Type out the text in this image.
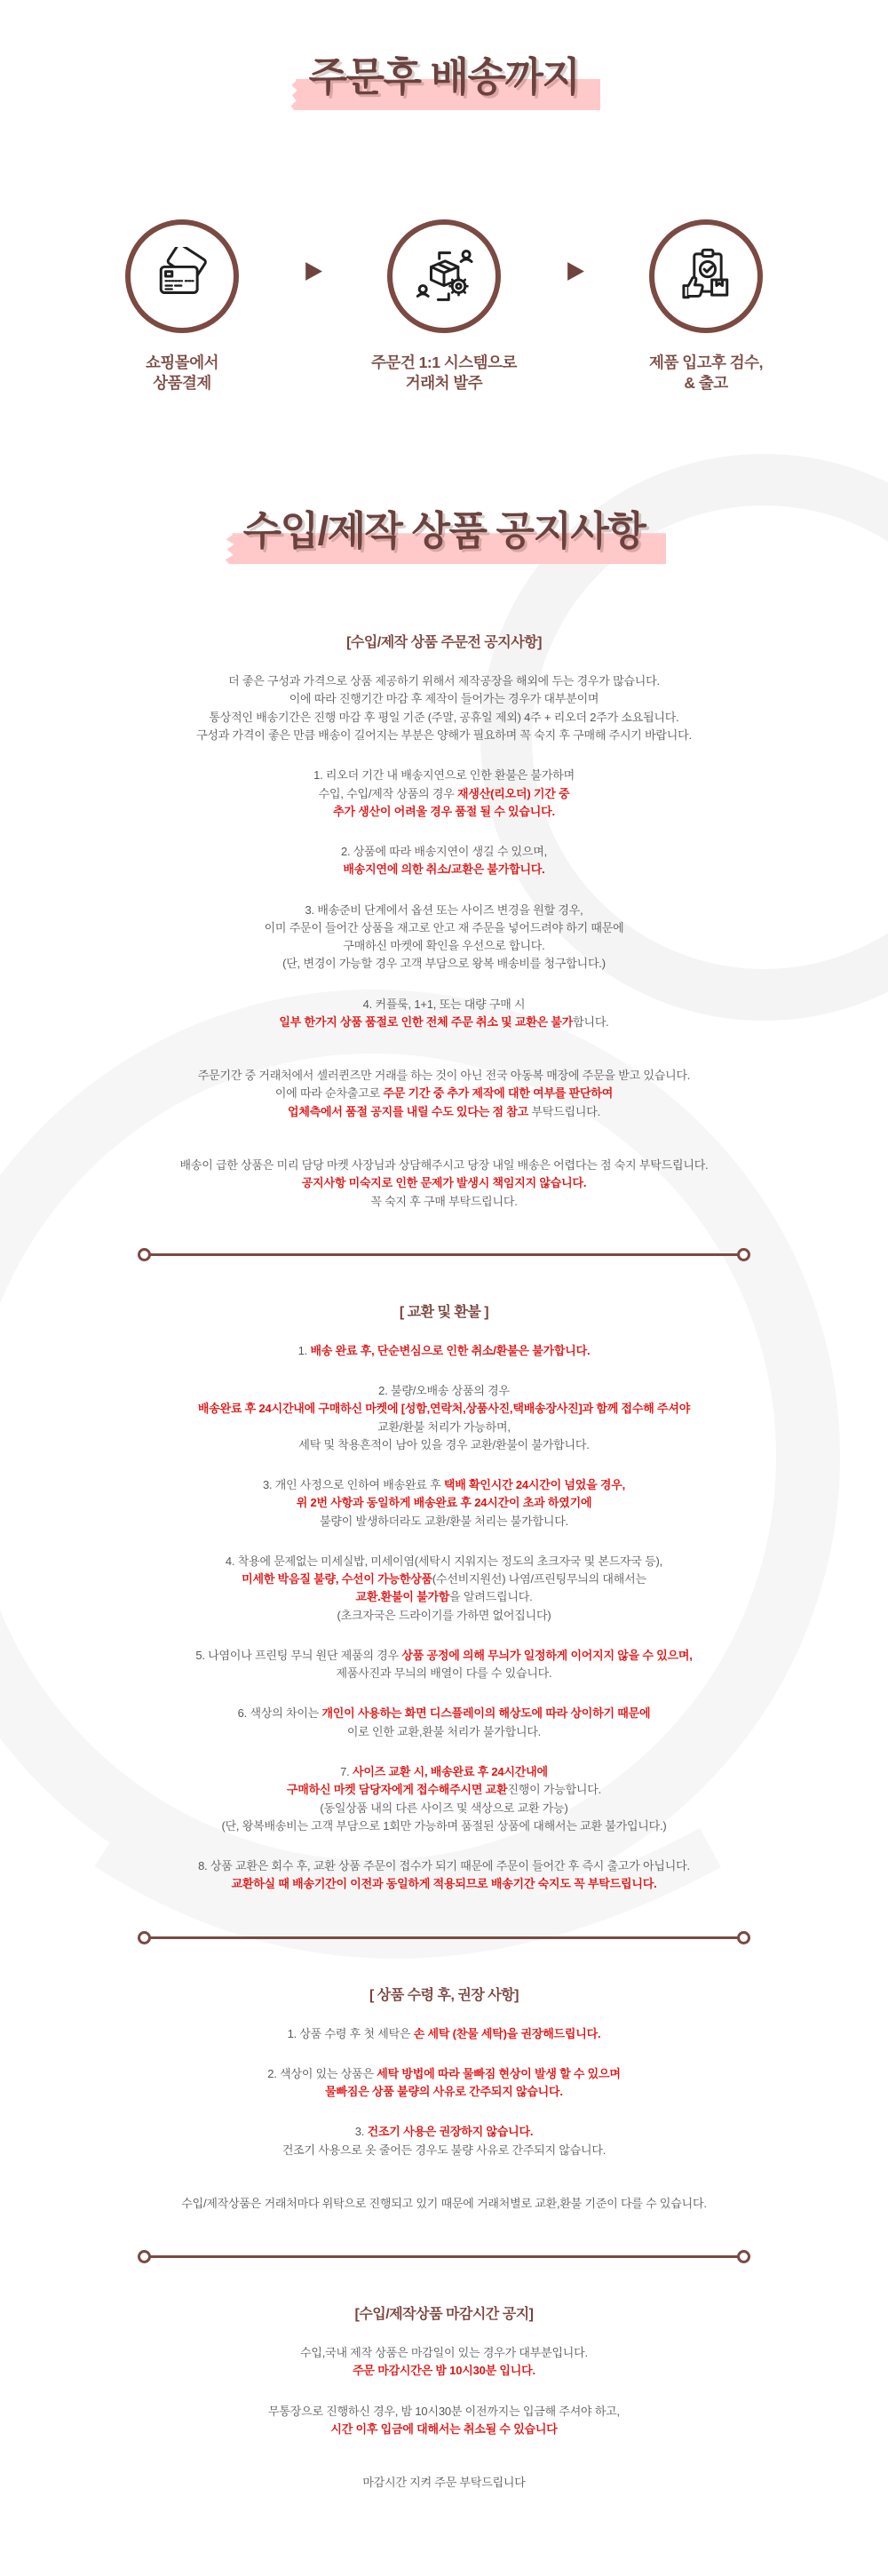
주문후 배송까지
쇼핑몰에서
상품결제
주문건 1:1 시스템으로
거래처 발주
제품 입고후 검수,
& 출고
수입/제작 상품 공지사항
[수입/제작 상품 주문전 공지사항]

더 좋은 구성과 가격으로 상품 제공하기 위해서 제작공장을 해외에 두는 경우가 많습니다.
이에 따라 진행기간 마감 후 제작이 들어가는 경우가 대부분이며
통상적인 배송기간은 진행 마감 후 평일 기준 (주말, 공휴일 제외) 4주 + 리오더 2주가 소요됩니다.
구성과 가격이 좋은 만큼 배송이 길어지는 부분은 양해가 필요하며 꼭 숙지 후 구매해 주시기 바랍니다.

1. 리오더 기간 내 배송지연으로 인한 환불은 불가하며
수입, 수입/제작 상품의 경우 재생산(리오더) 기간 중
추가 생산이 어려울 경우 품절 될 수 있습니다.

2. 상품에 따라 배송지연이 생길 수 있으며,
배송지연에 의한 취소/교환은 불가합니다.

3. 배송준비 단계에서 옵션 또는 사이즈 변경을 원할 경우,
이미 주문이 들어간 상품을 재고로 안고 재 주문을 넣어드려야 하기 때문에
구매하신 마켓에 확인을 우선으로 합니다.
(단, 변경이 가능할 경우 고객 부담으로 왕복 배송비를 청구합니다.)

4. 커플룩, 1+1, 또는 대량 구매 시
일부 한가지 상품 품절로 인한 전체 주문 취소 및 교환은 불가합니다.

주문기간 중 거래처에서 셀러퀸즈만 거래를 하는 것이 아닌 전국 아동복 매장에 주문을 받고 있습니다.
이에 따라 순차출고로 주문 기간 중 추가 제작에 대한 여부를 판단하여
업체측에서 품절 공지를 내릴 수도 있다는 점 참고 부탁드립니다.

배송이 급한 상품은 미리 담당 마켓 사장님과 상담해주시고 당장 내일 배송은 어렵다는 점 숙지 부탁드립니다.
공지사항 미숙지로 인한 문제가 발생시 책임지지 않습니다.
꼭 숙지 후 구매 부탁드립니다.

[ 교환 및 환불 ]

1. 배송 완료 후, 단순변심으로 인한 취소/환불은 불가합니다.

2. 불량/오배송 상품의 경우
배송완료 후 24시간내에 구매하신 마켓에 [성함,연락처,상품사진,택배송장사진]과 함께 접수해 주셔야
교환/환불 처리가 가능하며,
세탁 및 착용흔적이 남아 있을 경우 교환/환불이 불가합니다.

3. 개인 사정으로 인하여 배송완료 후 택배 확인시간 24시간이 넘었을 경우,
위 2번 사항과 동일하게 배송완료 후 24시간이 초과 하였기에
불량이 발생하더라도 교환/환불 처리는 불가합니다.

4. 착용에 문제없는 미세실밥, 미세이염(세탁시 지워지는 정도의 초크자국 및 본드자국 등),
미세한 박음질 불량, 수선이 가능한상품(수선비지원선) 나염/프린팅무늬의 대해서는
교환.환불이 불가함을 알려드립니다.
(초크자국은 드라이기를 가하면 없어집니다)

5. 나염이나 프린팅 무늬 원단 제품의 경우 상품 공정에 의해 무늬가 일정하게 이어지지 않을 수 있으며,
제품사진과 무늬의 배열이 다를 수 있습니다.

6. 색상의 차이는 개인이 사용하는 화면 디스플레이의 해상도에 따라 상이하기 때문에
이로 인한 교환,환불 처리가 불가합니다.

7. 사이즈 교환 시, 배송완료 후 24시간내에
구매하신 마켓 담당자에게 접수해주시면 교환진행이 가능합니다.
(동일상품 내의 다른 사이즈 및 색상으로 교환 가능)
(단, 왕복배송비는 고객 부담으로 1회만 가능하며 품절된 상품에 대해서는 교환 불가입니다.)

8. 상품 교환은 회수 후, 교환 상품 주문이 접수가 되기 때문에 주문이 들어간 후 즉시 출고가 아닙니다.
교환하실 때 배송기간이 이전과 동일하게 적용되므로 배송기간 숙지도 꼭 부탁드립니다.

[ 상품 수령 후, 권장 사항]

1. 상품 수령 후 첫 세탁은 손 세탁 (찬물 세탁)을 권장해드립니다.

2. 색상이 있는 상품은 세탁 방법에 따라 물빠짐 현상이 발생 할 수 있으며
물빠짐은 상품 불량의 사유로 간주되지 않습니다.

3. 건조기 사용은 권장하지 않습니다.
건조기 사용으로 옷 줄어든 경우도 불량 사유로 간주되지 않습니다.

수입/제작상품은 거래처마다 위탁으로 진행되고 있기 때문에 거래처별로 교환,환불 기준이 다를 수 있습니다.

[수입/제작상품 마감시간 공지]

수입,국내 제작 상품은 마감일이 있는 경우가 대부분입니다.
주문 마감시간은 밤 10시30분 입니다.

무통장으로 진행하신 경우, 밤 10시30분 이전까지는 입금해 주셔야 하고,
시간 이후 입금에 대해서는 취소될 수 있습니다

마감시간 지켜 주문 부탁드립니다
